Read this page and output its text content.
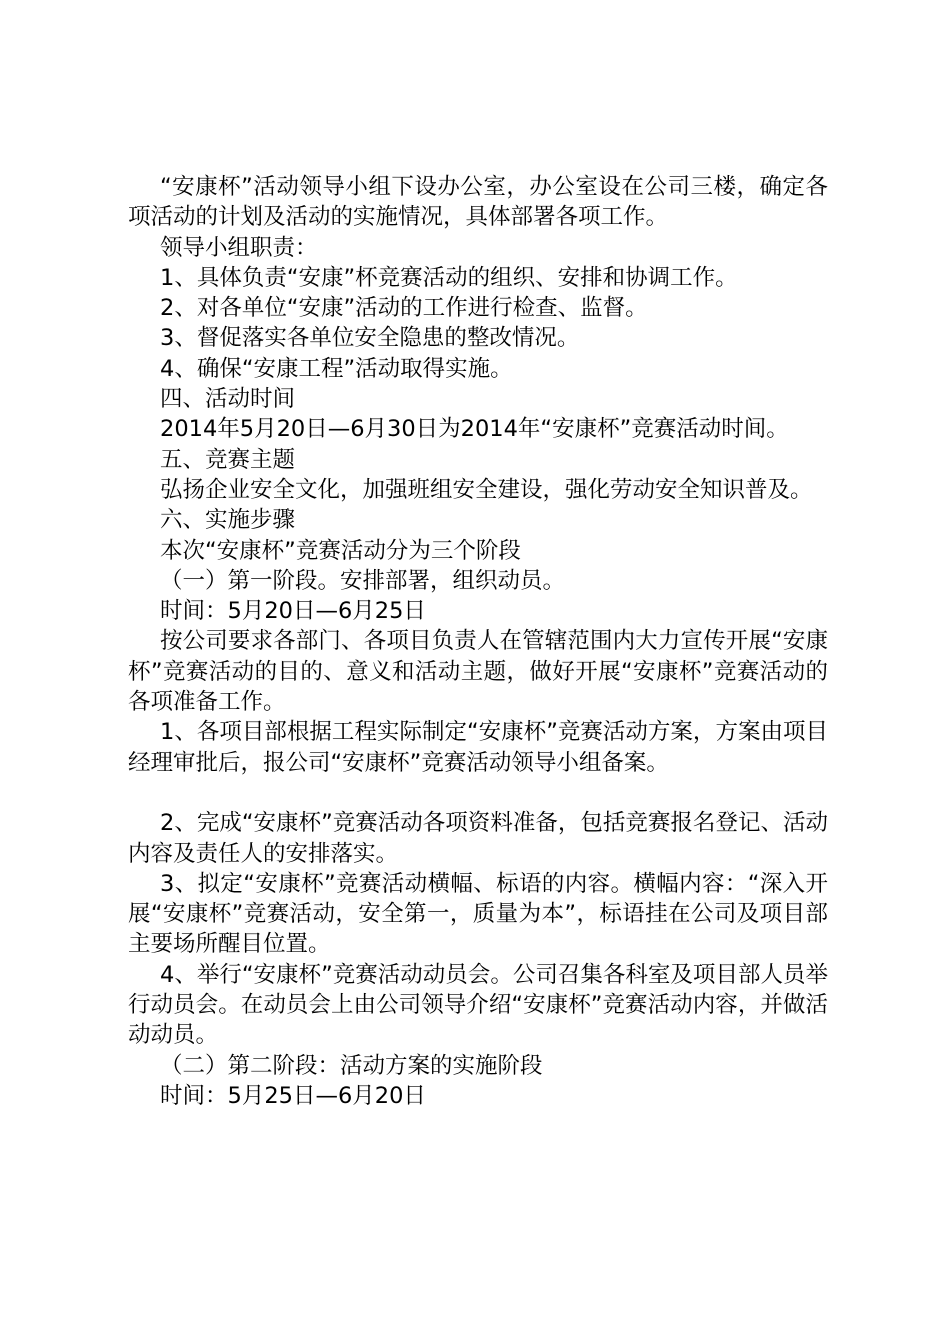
“安康杯”活动领导小组下设办公室，办公室设在公司三楼，确定各项活动的计划及活动的实施情况，具体部署各项工作。

领导小组职责：

1、具体负责“安康”杯竞赛活动的组织、安排和协调工作。

2、对各单位“安康”活动的工作进行检查、监督。

3、督促落实各单位安全隐患的整改情况。

4、确保“安康工程”活动取得实施。

四、活动时间

2014年5月20日—6月30日为2014年“安康杯”竞赛活动时间。

五、竞赛主题

弘扬企业安全文化，加强班组安全建设，强化劳动安全知识普及。

六、实施步骤

本次“安康杯”竞赛活动分为三个阶段

（一）第一阶段。安排部署，组织动员。

时间：5月20日—6月25日

按公司要求各部门、各项目负责人在管辖范围内大力宣传开展“安康杯”竞赛活动的目的、意义和活动主题，做好开展“安康杯”竞赛活动的各项准备工作。

1、各项目部根据工程实际制定“安康杯”竞赛活动方案，方案由项目经理审批后，报公司“安康杯”竞赛活动领导小组备案。

2、完成“安康杯”竞赛活动各项资料准备，包括竞赛报名登记、活动内容及责任人的安排落实。

3、拟定“安康杯”竞赛活动横幅、标语的内容。横幅内容：“深入开展“安康杯”竞赛活动，安全第一，质量为本”，标语挂在公司及项目部主要场所醒目位置。

4、举行“安康杯”竞赛活动动员会。公司召集各科室及项目部人员举行动员会。在动员会上由公司领导介绍“安康杯”竞赛活动内容，并做活动动员。

（二）第二阶段：活动方案的实施阶段

时间：5月25日—6月20日
